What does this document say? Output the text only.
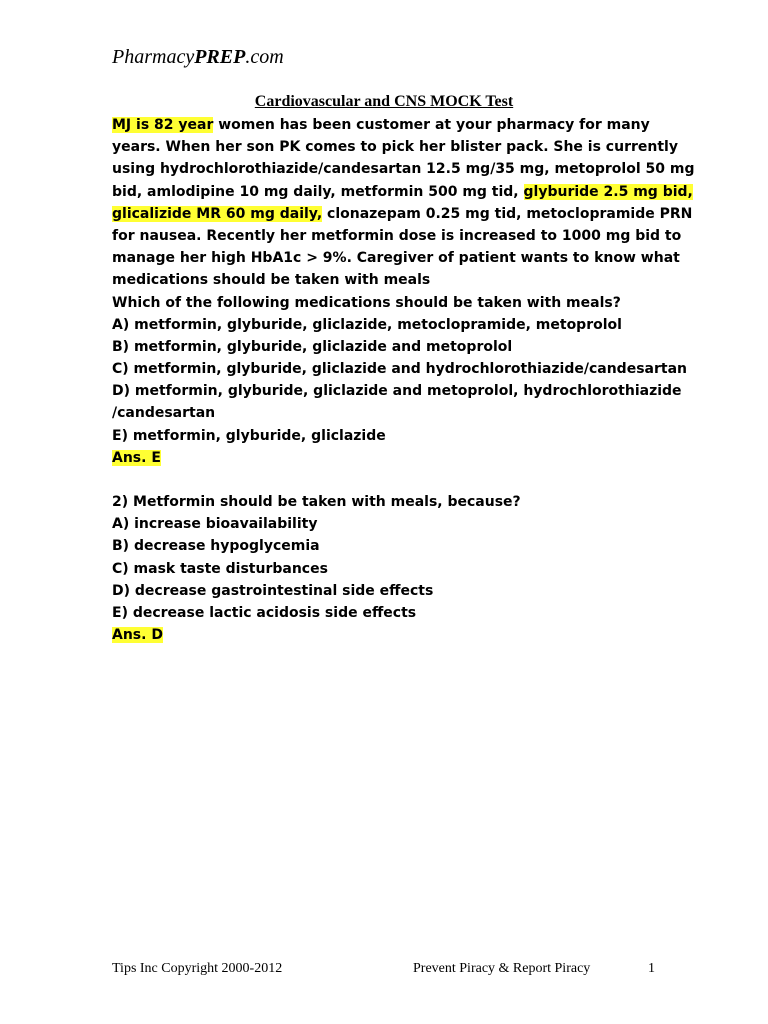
PharmacyPREP.com
Cardiovascular and CNS MOCK Test
MJ is 82 year women has been customer at your pharmacy for many
years. When her son PK comes to pick her blister pack. She is currently
using hydrochlorothiazide/candesartan 12.5 mg/35 mg, metoprolol 50 mg
bid, amlodipine 10 mg daily, metformin 500 mg tid, glyburide 2.5 mg bid,
glicalizide MR 60 mg daily, clonazepam 0.25 mg tid, metoclopramide PRN
for nausea. Recently her metformin dose is increased to 1000 mg bid to
manage her high HbA1c > 9%. Caregiver of patient wants to know what
medications should be taken with meals
Which of the following medications should be taken with meals?
A) metformin, glyburide, gliclazide, metoclopramide, metoprolol
B) metformin, glyburide, gliclazide and metoprolol
C) metformin, glyburide, gliclazide and hydrochlorothiazide/candesartan
D) metformin, glyburide, gliclazide and metoprolol, hydrochlorothiazide
/candesartan
E) metformin, glyburide, gliclazide
Ans. E
2) Metformin should be taken with meals, because?
A) increase bioavailability
B) decrease hypoglycemia
C) mask taste disturbances
D) decrease gastrointestinal side effects
E) decrease lactic acidosis side effects
Ans. D
Tips Inc Copyright 2000-2012	Prevent Piracy & Report Piracy	1
